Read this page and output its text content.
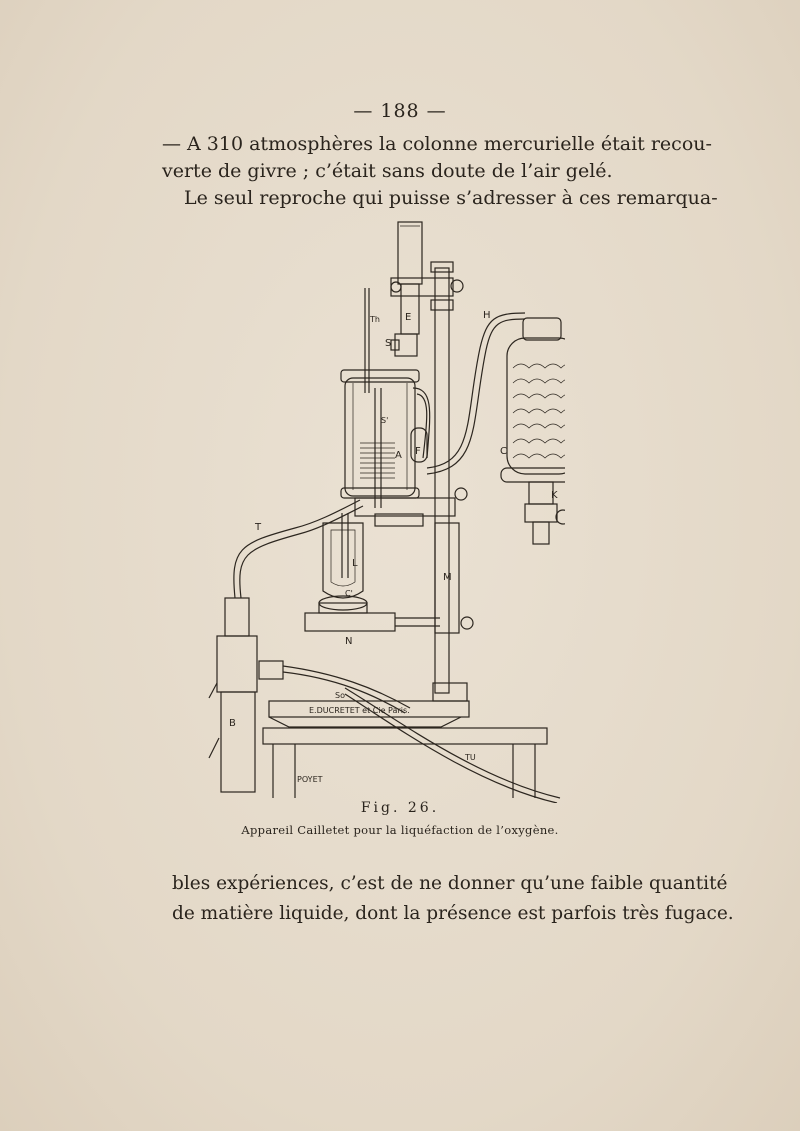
— 188 —

— A 310 atmosphères la colonne mercurielle était recou-
verte de givre ; c’était sans doute de l’air gelé.
Le seul reproche qui puisse s’adresser à ces remarqua-

E
Th	H
S
S'
A F	C
K
T
L
C'
M
N
So
B
TU
E.DUCRETET et Cie Paris.
POYET
Fig. 26.
Appareil Cailletet pour la liquéfaction de l’oxygène.

bles expériences, c’est de ne donner qu’une faible quantité
de matière liquide, dont la présence est parfois très fugace.
